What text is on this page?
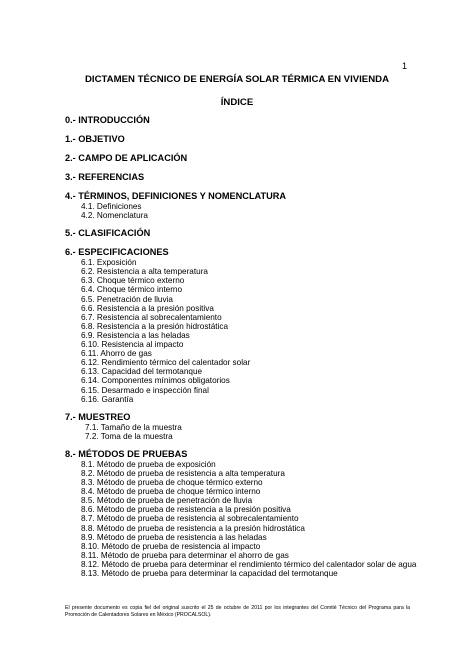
1
DICTAMEN TÉCNICO DE ENERGÍA SOLAR TÉRMICA EN VIVIENDA
ÍNDICE
0.- INTRODUCCIÓN
1.- OBJETIVO
2.- CAMPO DE APLICACIÓN
3.- REFERENCIAS
4.- TÉRMINOS, DEFINICIONES Y NOMENCLATURA
4.1. Definiciones
4.2. Nomenclatura
5.- CLASIFICACIÓN
6.- ESPECIFICACIONES
6.1. Exposición
6.2. Resistencia a alta temperatura
6.3. Choque térmico externo
6.4. Choque térmico interno
6.5. Penetración de lluvia
6.6. Resistencia a la presión positiva
6.7. Resistencia al sobrecalentamiento
6.8. Resistencia a la presión hidrostática
6.9. Resistencia a las heladas
6.10. Resistencia al impacto
6.11. Ahorro de gas
6.12. Rendimiento térmico del calentador solar
6.13. Capacidad del termotanque
6.14. Componentes mínimos obligatorios
6.15. Desarmado e inspección final
6.16. Garantía
7.- MUESTREO
7.1. Tamaño de la muestra
7.2. Toma de la muestra
8.- MÉTODOS DE PRUEBAS
8.1. Método de prueba de exposición
8.2. Método de prueba de resistencia a alta temperatura
8.3. Método de prueba de choque térmico externo
8.4. Método de prueba de choque térmico interno
8.5. Método de prueba de penetración de lluvia
8.6. Método de prueba de resistencia a la presión positiva
8.7. Método de prueba de resistencia al sobrecalentamiento
8.8. Método de prueba de resistencia a la presión hidrostática
8.9. Método de prueba de resistencia a las heladas
8.10. Método de prueba de resistencia al impacto
8.11. Método de prueba para determinar el ahorro de gas
8.12. Método de prueba para determinar el rendimiento térmico del calentador solar de agua
8.13. Método de prueba para determinar la capacidad del termotanque
El presente documento es copia fiel del original suscrito el 25 de octubre de 2011 por los integrantes del Comité Técnico del Programa para la Promoción de Calentadores Solares en México (PROCALSOL).
